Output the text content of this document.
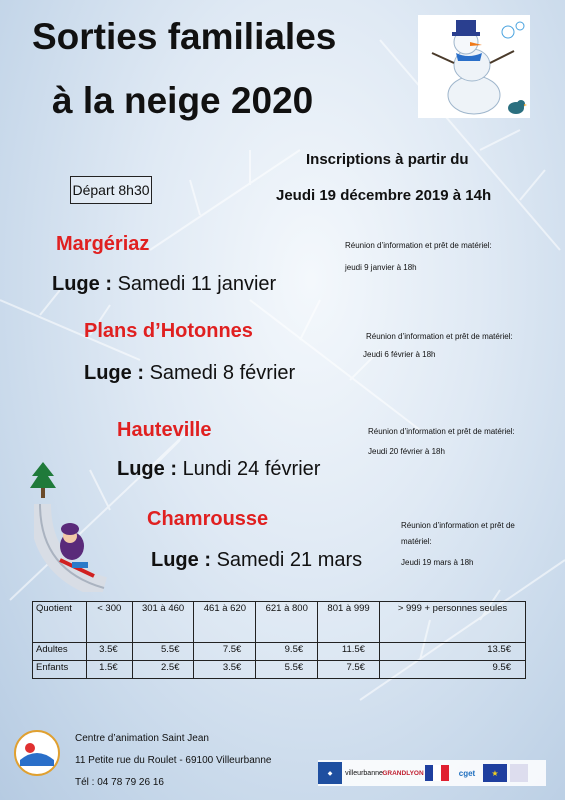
Sorties familiales
à la neige 2020
Inscriptions à partir du
Jeudi 19 décembre 2019 à 14h
Départ 8h30
Margériaz
Luge : Samedi 11 janvier
Réunion d’information et prêt de matériel:
jeudi 9 janvier à 18h
Plans d’Hotonnes
Luge : Samedi 8 février
Réunion d’information et prêt de matériel:
Jeudi 6 février à 18h
Hauteville
Luge : Lundi 24 février
Réunion d’information et prêt de matériel:
Jeudi 20 février à 18h
Chamrousse
Luge : Samedi 21 mars
Réunion d’information et prêt de
matériel:
Jeudi 19 mars à 18h
Quotient	< 300	301 à 460	461 à 620	621 à 800	801 à 999	> 999 + personnes seules
Adultes	3.5€	5.5€	7.5€	9.5€	11.5€	13.5€
Enfants	1.5€	2.5€	3.5€	5.5€	7.5€	9.5€
Centre d’animation Saint Jean
11 Petite rue du Roulet - 69100 Villeurbanne
Tél : 04 78 79 26 16
◆	villeurbanne GRANDLYON	cget	★
